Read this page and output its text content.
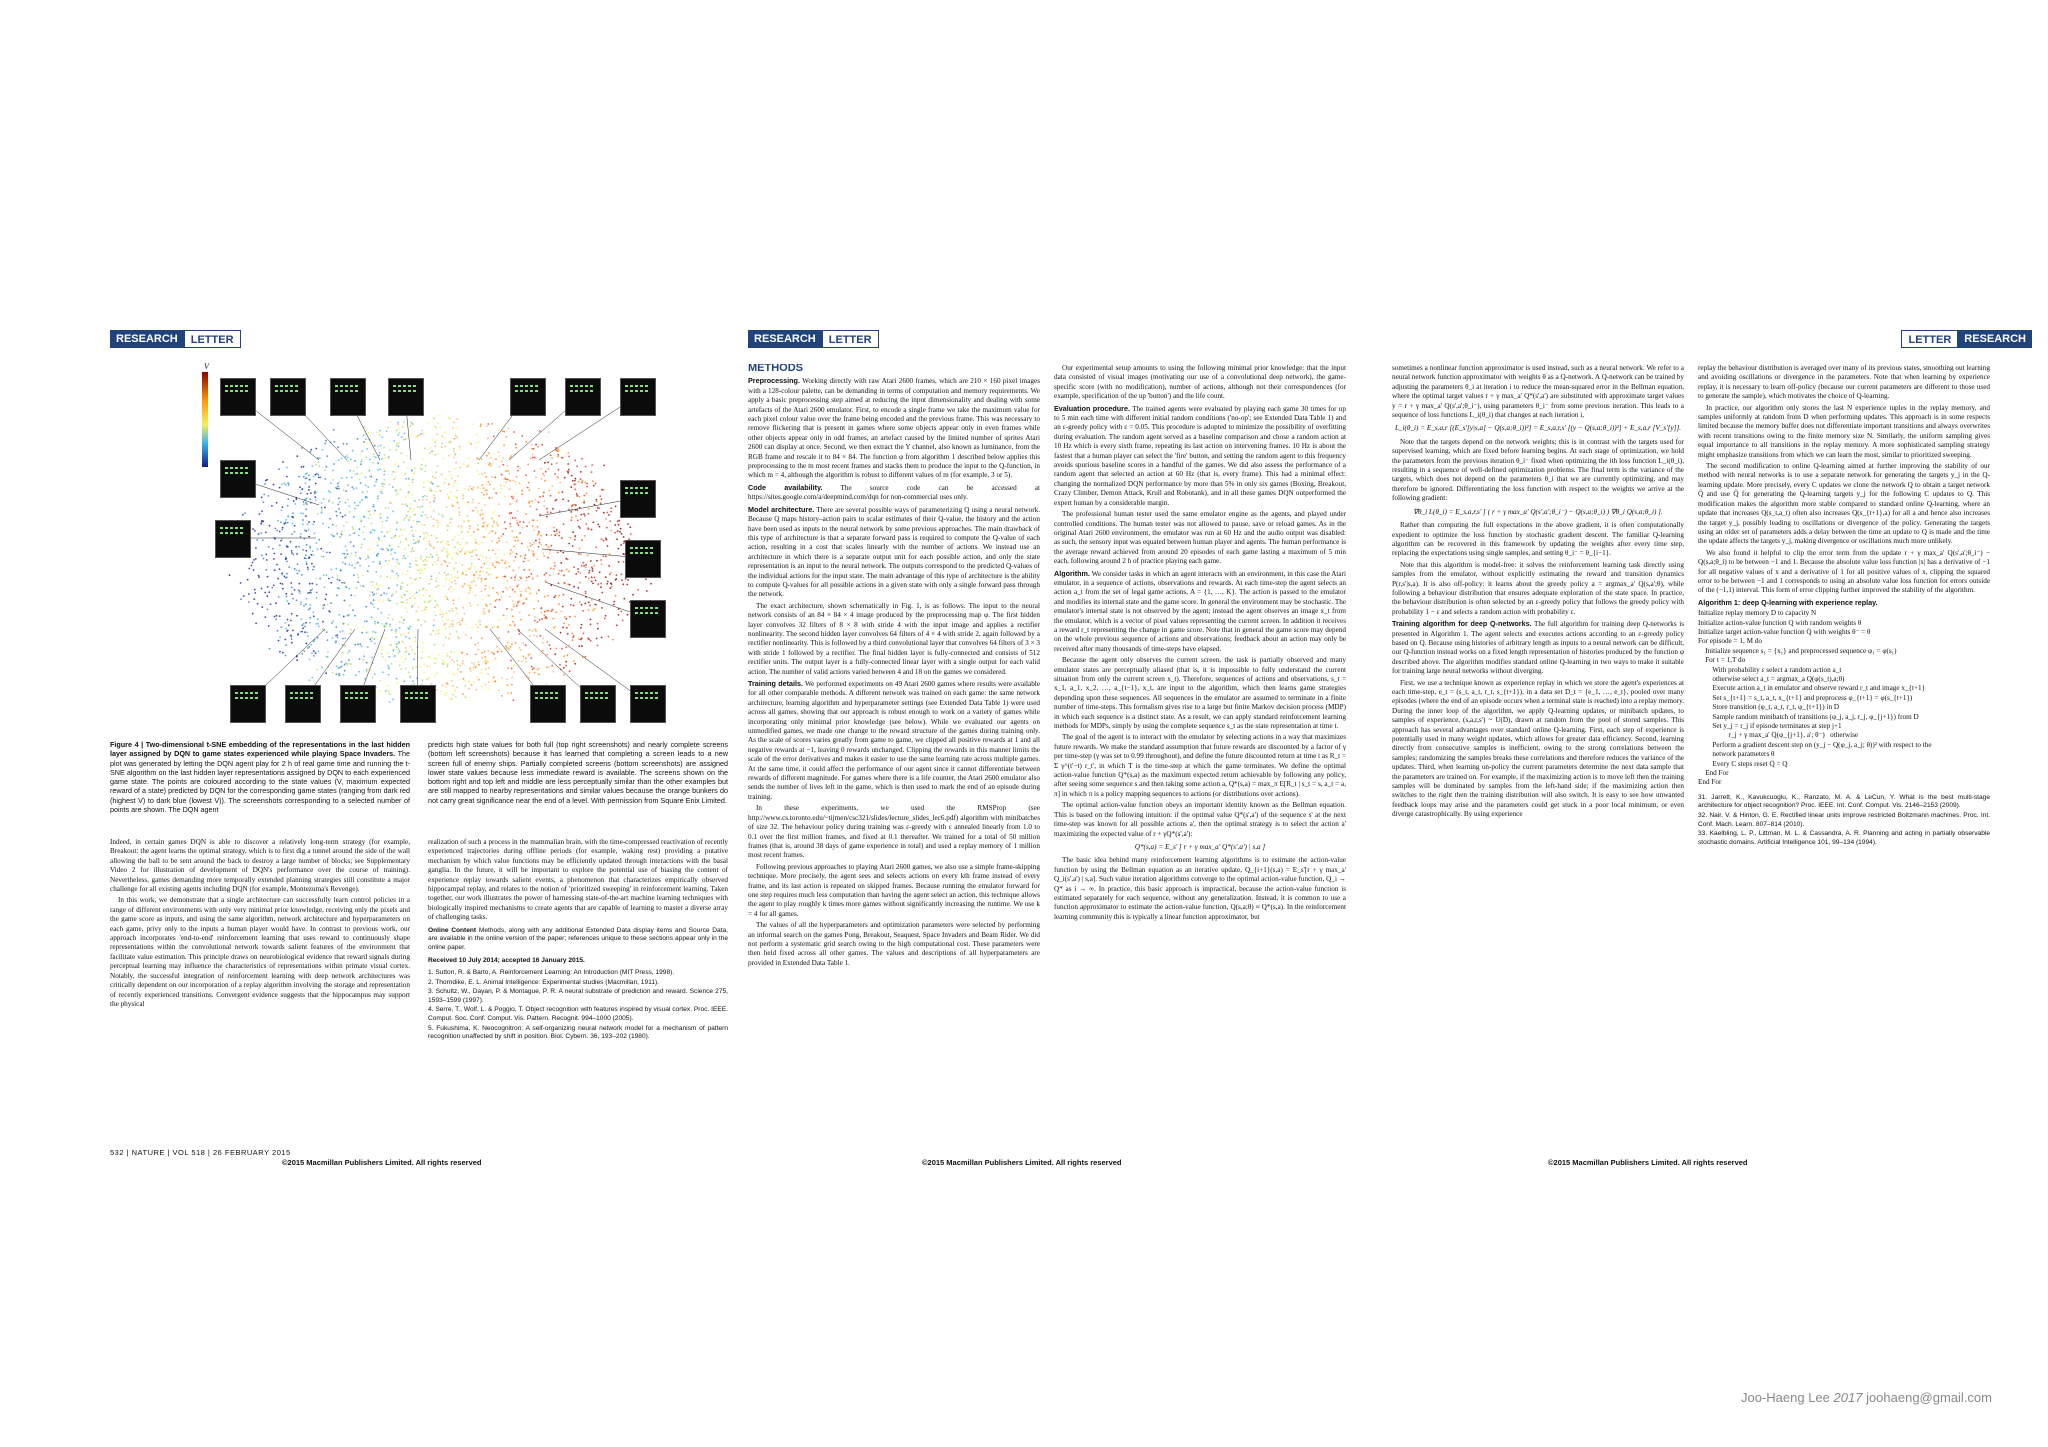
RESEARCH	LETTER
V
Figure 4 | Two-dimensional t-SNE embedding of the representations in the last hidden layer assigned by DQN to game states experienced while playing Space Invaders. The plot was generated by letting the DQN agent play for 2 h of real game time and running the t-SNE algorithm on the last hidden layer representations assigned by DQN to each experienced game state. The points are coloured according to the state values (V, maximum expected reward of a state) predicted by DQN for the corresponding game states (ranging from dark red (highest V) to dark blue (lowest V)). The screenshots corresponding to a selected number of points are shown. The DQN agent
predicts high state values for both full (top right screenshots) and nearly complete screens (bottom left screenshots) because it has learned that completing a screen leads to a new screen full of enemy ships. Partially completed screens (bottom screenshots) are assigned lower state values because less immediate reward is available. The screens shown on the bottom right and top left and middle are less perceptually similar than the other examples but are still mapped to nearby representations and similar values because the orange bunkers do not carry great significance near the end of a level. With permission from Square Enix Limited.

Indeed, in certain games DQN is able to discover a relatively long-term strategy (for example, Breakout: the agent learns the optimal strategy, which is to first dig a tunnel around the side of the wall allowing the ball to be sent around the back to destroy a large number of blocks; see Supplementary Video 2 for illustration of development of DQN's performance over the course of training). Nevertheless, games demanding more temporally extended planning strategies still constitute a major challenge for all existing agents including DQN (for example, Montezuma's Revenge).

In this work, we demonstrate that a single architecture can successfully learn control policies in a range of different environments with only very minimal prior knowledge, receiving only the pixels and the game score as inputs, and using the same algorithm, network architecture and hyperparameters on each game, privy only to the inputs a human player would have. In contrast to previous work, our approach incorporates 'end-to-end' reinforcement learning that uses reward to continuously shape representations within the convolutional network towards salient features of the environment that facilitate value estimation. This principle draws on neurobiological evidence that reward signals during perceptual learning may influence the characteristics of representations within primate visual cortex. Notably, the successful integration of reinforcement learning with deep network architectures was critically dependent on our incorporation of a replay algorithm involving the storage and representation of recently experienced transitions. Convergent evidence suggests that the hippocampus may support the physical

realization of such a process in the mammalian brain, with the time-compressed reactivation of recently experienced trajectories during offline periods (for example, waking rest) providing a putative mechanism by which value functions may be efficiently updated through interactions with the basal ganglia. In the future, it will be important to explore the potential use of biasing the content of experience replay towards salient events, a phenomenon that characterizes empirically observed hippocampal replay, and relates to the notion of 'prioritized sweeping' in reinforcement learning. Taken together, our work illustrates the power of harnessing state-of-the-art machine learning techniques with biologically inspired mechanisms to create agents that are capable of learning to master a diverse array of challenging tasks.

Online Content Methods, along with any additional Extended Data display items and Source Data, are available in the online version of the paper; references unique to these sections appear only in the online paper.
Received 10 July 2014; accepted 16 January 2015.
1. Sutton, R. & Barto, A. Reinforcement Learning: An Introduction (MIT Press, 1998).
2. Thorndike, E. L. Animal Intelligence: Experimental studies (Macmillan, 1911).
3. Schultz, W., Dayan, P. & Montague, P. R. A neural substrate of prediction and reward. Science 275, 1593–1599 (1997).
4. Serre, T., Wolf, L. & Poggio, T. Object recognition with features inspired by visual cortex. Proc. IEEE. Comput. Soc. Conf. Comput. Vis. Pattern. Recognit. 994–1000 (2005).
5. Fukushima, K. Neocognitron: A self-organizing neural network model for a mechanism of pattern recognition unaffected by shift in position. Biol. Cybern. 36, 193–202 (1980).
532 | NATURE | VOL 518 | 26 FEBRUARY 2015
©2015 Macmillan Publishers Limited. All rights reserved
RESEARCH	LETTER
METHODS

Preprocessing. Working directly with raw Atari 2600 frames, which are 210 × 160 pixel images with a 128-colour palette, can be demanding in terms of computation and memory requirements. We apply a basic preprocessing step aimed at reducing the input dimensionality and dealing with some artefacts of the Atari 2600 emulator. First, to encode a single frame we take the maximum value for each pixel colour value over the frame being encoded and the previous frame. This was necessary to remove flickering that is present in games where some objects appear only in even frames while other objects appear only in odd frames, an artefact caused by the limited number of sprites Atari 2600 can display at once. Second, we then extract the Y channel, also known as luminance, from the RGB frame and rescale it to 84 × 84. The function φ from algorithm 1 described below applies this preprocessing to the m most recent frames and stacks them to produce the input to the Q-function, in which m = 4, although the algorithm is robust to different values of m (for example, 3 or 5).

Code availability.	The source code can be accessed at https://sites.google.com/a/deepmind.com/dqn for non-commercial uses only.

Model architecture. There are several possible ways of parameterizing Q using a neural network. Because Q maps history–action pairs to scalar estimates of their Q-value, the history and the action have been used as inputs to the neural network by some previous approaches. The main drawback of this type of architecture is that a separate forward pass is required to compute the Q-value of each action, resulting in a cost that scales linearly with the number of actions. We instead use an architecture in which there is a separate output unit for each possible action, and only the state representation is an input to the neural network. The outputs correspond to the predicted Q-values of the individual actions for the input state. The main advantage of this type of architecture is the ability to compute Q-values for all possible actions in a given state with only a single forward pass through the network.

The exact architecture, shown schematically in Fig. 1, is as follows. The input to the neural network consists of an 84 × 84 × 4 image produced by the preprocessing map φ. The first hidden layer convolves 32 filters of 8 × 8 with stride 4 with the input image and applies a rectifier nonlinearity. The second hidden layer convolves 64 filters of 4 × 4 with stride 2, again followed by a rectifier nonlinearity. This is followed by a third convolutional layer that convolves 64 filters of 3 × 3 with stride 1 followed by a rectifier. The final hidden layer is fully-connected and consists of 512 rectifier units. The output layer is a fully-connected linear layer with a single output for each valid action. The number of valid actions varied between 4 and 18 on the games we considered.

Training details. We performed experiments on 49 Atari 2600 games where results were available for all other comparable methods. A different network was trained on each game: the same network architecture, learning algorithm and hyperparameter settings (see Extended Data Table 1) were used across all games, showing that our approach is robust enough to work on a variety of games while incorporating only minimal prior knowledge (see below). While we evaluated our agents on unmodified games, we made one change to the reward structure of the games during training only. As the scale of scores varies greatly from game to game, we clipped all positive rewards at 1 and all negative rewards at −1, leaving 0 rewards unchanged. Clipping the rewards in this manner limits the scale of the error derivatives and makes it easier to use the same learning rate across multiple games. At the same time, it could affect the performance of our agent since it cannot differentiate between rewards of different magnitude. For games where there is a life counter, the Atari 2600 emulator also sends the number of lives left in the game, which is then used to mark the end of an episode during training.

In these experiments, we used the RMSProp (see http://www.cs.toronto.edu/~tijmen/csc321/slides/lecture_slides_lec6.pdf) algorithm with minibatches of size 32. The behaviour policy during training was ε-greedy with ε annealed linearly from 1.0 to 0.1 over the first million frames, and fixed at 0.1 thereafter. We trained for a total of 50 million frames (that is, around 38 days of game experience in total) and used a replay memory of 1 million most recent frames.

Following previous approaches to playing Atari 2600 games, we also use a simple frame-skipping technique. More precisely, the agent sees and selects actions on every kth frame instead of every frame, and its last action is repeated on skipped frames. Because running the emulator forward for one step requires much less computation than having the agent select an action, this technique allows the agent to play roughly k times more games without significantly increasing the runtime. We use k = 4 for all games.

The values of all the hyperparameters and optimization parameters were selected by performing an informal search on the games Pong, Breakout, Seaquest, Space Invaders and Beam Rider. We did not perform a systematic grid search owing to the high computational cost. These parameters were then held fixed across all other games. The values and descriptions of all hyperparameters are provided in Extended Data Table 1.

Our experimental setup amounts to using the following minimal prior knowledge: that the input data consisted of visual images (motivating our use of a convolutional deep network), the game-specific score (with no modification), number of actions, although not their correspondences (for example, specification of the up 'button') and the life count.

Evaluation procedure. The trained agents were evaluated by playing each game 30 times for up to 5 min each time with different initial random conditions ('no-op'; see Extended Data Table 1) and an ε-greedy policy with ε = 0.05. This procedure is adopted to minimize the possibility of overfitting during evaluation. The random agent served as a baseline comparison and chose a random action at 10 Hz which is every sixth frame, repeating its last action on intervening frames. 10 Hz is about the fastest that a human player can select the 'fire' button, and setting the random agent to this frequency avoids spurious baseline scores in a handful of the games. We did also assess the performance of a random agent that selected an action at 60 Hz (that is, every frame). This had a minimal effect: changing the normalized DQN performance by more than 5% in only six games (Boxing, Breakout, Crazy Climber, Demon Attack, Krull and Robotank), and in all these games DQN outperformed the expert human by a considerable margin.

The professional human tester used the same emulator engine as the agents, and played under controlled conditions. The human tester was not allowed to pause, save or reload games. As in the original Atari 2600 environment, the emulator was run at 60 Hz and the audio output was disabled: as such, the sensory input was equated between human player and agents. The human performance is the average reward achieved from around 20 episodes of each game lasting a maximum of 5 min each, following around 2 h of practice playing each game.

Algorithm. We consider tasks in which an agent interacts with an environment, in this case the Atari emulator, in a sequence of actions, observations and rewards. At each time-step the agent selects an action a_t from the set of legal game actions, A = {1, …, K}. The action is passed to the emulator and modifies its internal state and the game score. In general the environment may be stochastic. The emulator's internal state is not observed by the agent; instead the agent observes an image x_t from the emulator, which is a vector of pixel values representing the current screen. In addition it receives a reward r_t representing the change in game score. Note that in general the game score may depend on the whole previous sequence of actions and observations; feedback about an action may only be received after many thousands of time-steps have elapsed.

Because the agent only observes the current screen, the task is partially observed and many emulator states are perceptually aliased (that is, it is impossible to fully understand the current situation from only the current screen x_t). Therefore, sequences of actions and observations, s_t = x_1, a_1, x_2, …, a_{t−1}, x_t, are input to the algorithm, which then learns game strategies depending upon these sequences. All sequences in the emulator are assumed to terminate in a finite number of time-steps. This formalism gives rise to a large but finite Markov decision process (MDP) in which each sequence is a distinct state. As a result, we can apply standard reinforcement learning methods for MDPs, simply by using the complete sequence s_t as the state representation at time t.

The goal of the agent is to interact with the emulator by selecting actions in a way that maximizes future rewards. We make the standard assumption that future rewards are discounted by a factor of γ per time-step (γ was set to 0.99 throughout), and define the future discounted return at time t as R_t = Σ γ^(t'−t) r_t', in which T is the time-step at which the game terminates. We define the optimal action-value function Q*(s,a) as the maximum expected return achievable by following any policy, after seeing some sequence s and then taking some action a, Q*(s,a) = max_π E[R_t | s_t = s, a_t = a, π] in which π is a policy mapping sequences to actions (or distributions over actions).

The optimal action-value function obeys an important identity known as the Bellman equation. This is based on the following intuition: if the optimal value Q*(s',a') of the sequence s' at the next time-step was known for all possible actions a', then the optimal strategy is to select the action a' maximizing the expected value of r + γQ*(s',a'):

Q*(s,a) = E_s' [ r + γ max_a' Q*(s',a') | s,a ]

The basic idea behind many reinforcement learning algorithms is to estimate the action-value function by using the Bellman equation as an iterative update, Q_{i+1}(s,a) = E_s'[r + γ max_a' Q_i(s',a') | s,a]. Such value iteration algorithms converge to the optimal action-value function, Q_i → Q* as i → ∞. In practice, this basic approach is impractical, because the action-value function is estimated separately for each sequence, without any generalization. Instead, it is common to use a function approximator to estimate the action-value function, Q(s,a;θ) ≈ Q*(s,a). In the reinforcement learning community this is typically a linear function approximator, but

©2015 Macmillan Publishers Limited. All rights reserved
LETTER	RESEARCH

sometimes a nonlinear function approximator is used instead, such as a neural network. We refer to a neural network function approximator with weights θ as a Q-network. A Q-network can be trained by adjusting the parameters θ_i at iteration i to reduce the mean-squared error in the Bellman equation, where the optimal target values r + γ max_a' Q*(s',a') are substituted with approximate target values y = r + γ max_a' Q(s',a';θ_i⁻), using parameters θ_i⁻ from some previous iteration. This leads to a sequence of loss functions L_i(θ_i) that changes at each iteration i,

L_i(θ_i) = E_s,a,r [(E_s'[y|s,a] − Q(s,a;θ_i))²] = E_s,a,r,s' [(y − Q(s,a;θ_i))²] + E_s,a,r [V_s'[y]].

Note that the targets depend on the network weights; this is in contrast with the targets used for supervised learning, which are fixed before learning begins. At each stage of optimization, we hold the parameters from the previous iteration θ_i⁻ fixed when optimizing the ith loss function L_i(θ_i), resulting in a sequence of well-defined optimization problems. The final term is the variance of the targets, which does not depend on the parameters θ_i that we are currently optimizing, and may therefore be ignored. Differentiating the loss function with respect to the weights we arrive at the following gradient:

∇θ_i L(θ_i) = E_s,a,r,s' [ ( r + γ max_a' Q(s',a';θ_i⁻) − Q(s,a;θ_i) ) ∇θ_i Q(s,a;θ_i) ].

Rather than computing the full expectations in the above gradient, it is often computationally expedient to optimize the loss function by stochastic gradient descent. The familiar Q-learning algorithm can be recovered in this framework by updating the weights after every time step, replacing the expectations using single samples, and setting θ_i⁻ = θ_{i−1}.

Note that this algorithm is model-free: it solves the reinforcement learning task directly using samples from the emulator, without explicitly estimating the reward and transition dynamics P(r,s'|s,a). It is also off-policy: it learns about the greedy policy a = argmax_a' Q(s,a';θ), while following a behaviour distribution that ensures adequate exploration of the state space. In practice, the behaviour distribution is often selected by an ε-greedy policy that follows the greedy policy with probability 1 − ε and selects a random action with probability ε.

Training algorithm for deep Q-networks. The full algorithm for training deep Q-networks is presented in Algorithm 1. The agent selects and executes actions according to an ε-greedy policy based on Q. Because using histories of arbitrary length as inputs to a neural network can be difficult, our Q-function instead works on a fixed length representation of histories produced by the function φ described above. The algorithm modifies standard online Q-learning in two ways to make it suitable for training large neural networks without diverging.

First, we use a technique known as experience replay in which we store the agent's experiences at each time-step, e_t = (s_t, a_t, r_t, s_{t+1}), in a data set D_t = {e_1, …, e_t}, pooled over many episodes (where the end of an episode occurs when a terminal state is reached) into a replay memory. During the inner loop of the algorithm, we apply Q-learning updates, or minibatch updates, to samples of experience, (s,a,r,s') ~ U(D), drawn at random from the pool of stored samples. This approach has several advantages over standard online Q-learning. First, each step of experience is potentially used in many weight updates, which allows for greater data efficiency. Second, learning directly from consecutive samples is inefficient, owing to the strong correlations between the samples; randomizing the samples breaks these correlations and therefore reduces the variance of the updates. Third, when learning on-policy the current parameters determine the next data sample that the parameters are trained on. For example, if the maximizing action is to move left then the training samples will be dominated by samples from the left-hand side; if the maximizing action then switches to the right then the training distribution will also switch. It is easy to see how unwanted feedback loops may arise and the parameters could get stuck in a poor local minimum, or even diverge catastrophically. By using experience

replay the behaviour distribution is averaged over many of its previous states, smoothing out learning and avoiding oscillations or divergence in the parameters. Note that when learning by experience replay, it is necessary to learn off-policy (because our current parameters are different to those used to generate the sample), which motivates the choice of Q-learning.

In practice, our algorithm only stores the last N experience tuples in the replay memory, and samples uniformly at random from D when performing updates. This approach is in some respects limited because the memory buffer does not differentiate important transitions and always overwrites with recent transitions owing to the finite memory size N. Similarly, the uniform sampling gives equal importance to all transitions in the replay memory. A more sophisticated sampling strategy might emphasize transitions from which we can learn the most, similar to prioritized sweeping.

The second modification to online Q-learning aimed at further improving the stability of our method with neural networks is to use a separate network for generating the targets y_j in the Q-learning update. More precisely, every C updates we clone the network Q to obtain a target network Q̂ and use Q̂ for generating the Q-learning targets y_j for the following C updates to Q. This modification makes the algorithm more stable compared to standard online Q-learning, where an update that increases Q(s_t,a_t) often also increases Q(s_{t+1},a) for all a and hence also increases the target y_j, possibly leading to oscillations or divergence of the policy. Generating the targets using an older set of parameters adds a delay between the time an update to Q is made and the time the update affects the targets y_j, making divergence or oscillations much more unlikely.

We also found it helpful to clip the error term from the update r + γ max_a' Q(s',a';θ_i⁻) − Q(s,a;θ_i) to be between −1 and 1. Because the absolute value loss function |x| has a derivative of −1 for all negative values of x and a derivative of 1 for all positive values of x, clipping the squared error to be between −1 and 1 corresponds to using an absolute value loss function for errors outside of the (−1,1) interval. This form of error clipping further improved the stability of the algorithm.

Algorithm 1: deep Q-learning with experience replay.
Initialize replay memory D to capacity N
Initialize action-value function Q with random weights θ
Initialize target action-value function Q̂ with weights θ⁻ = θ
For episode = 1, M do
Initialize sequence s₁ = {x₁} and preprocessed sequence φ₁ = φ(s₁)
For t = 1,T do
With probability ε select a random action a_t
otherwise select a_t = argmax_a Q(φ(s_t),a;θ)
Execute action a_t in emulator and observe reward r_t and image x_{t+1}
Set s_{t+1} = s_t, a_t, x_{t+1} and preprocess φ_{t+1} = φ(s_{t+1})
Store transition (φ_t, a_t, r_t, φ_{t+1}) in D
Sample random minibatch of transitions (φ_j, a_j, r_j, φ_{j+1}) from D
Set y_j = r_j if episode terminates at step j+1
r_j + γ max_a' Q̂(φ_{j+1}, a'; θ⁻)   otherwise
Perform a gradient descent step on (y_j − Q(φ_j, a_j; θ))² with respect to the
network parameters θ
Every C steps reset Q̂ = Q
End For
End For
31. Jarrett, K., Kavukcuoglu, K., Ranzato, M. A. & LeCun, Y. What is the best multi-stage architecture for object recognition? Proc. IEEE. Int. Conf. Comput. Vis. 2146–2153 (2009).
32. Nair, V. & Hinton, G. E. Rectified linear units improve restricted Boltzmann machines. Proc. Int. Conf. Mach. Learn. 807–814 (2010).
33. Kaelbling, L. P., Littman, M. L. & Cassandra, A. R. Planning and acting in partially observable stochastic domains. Artificial Intelligence 101, 99–134 (1994).
©2015 Macmillan Publishers Limited. All rights reserved
Joo-Haeng Lee 2017 joohaeng@gmail.com
